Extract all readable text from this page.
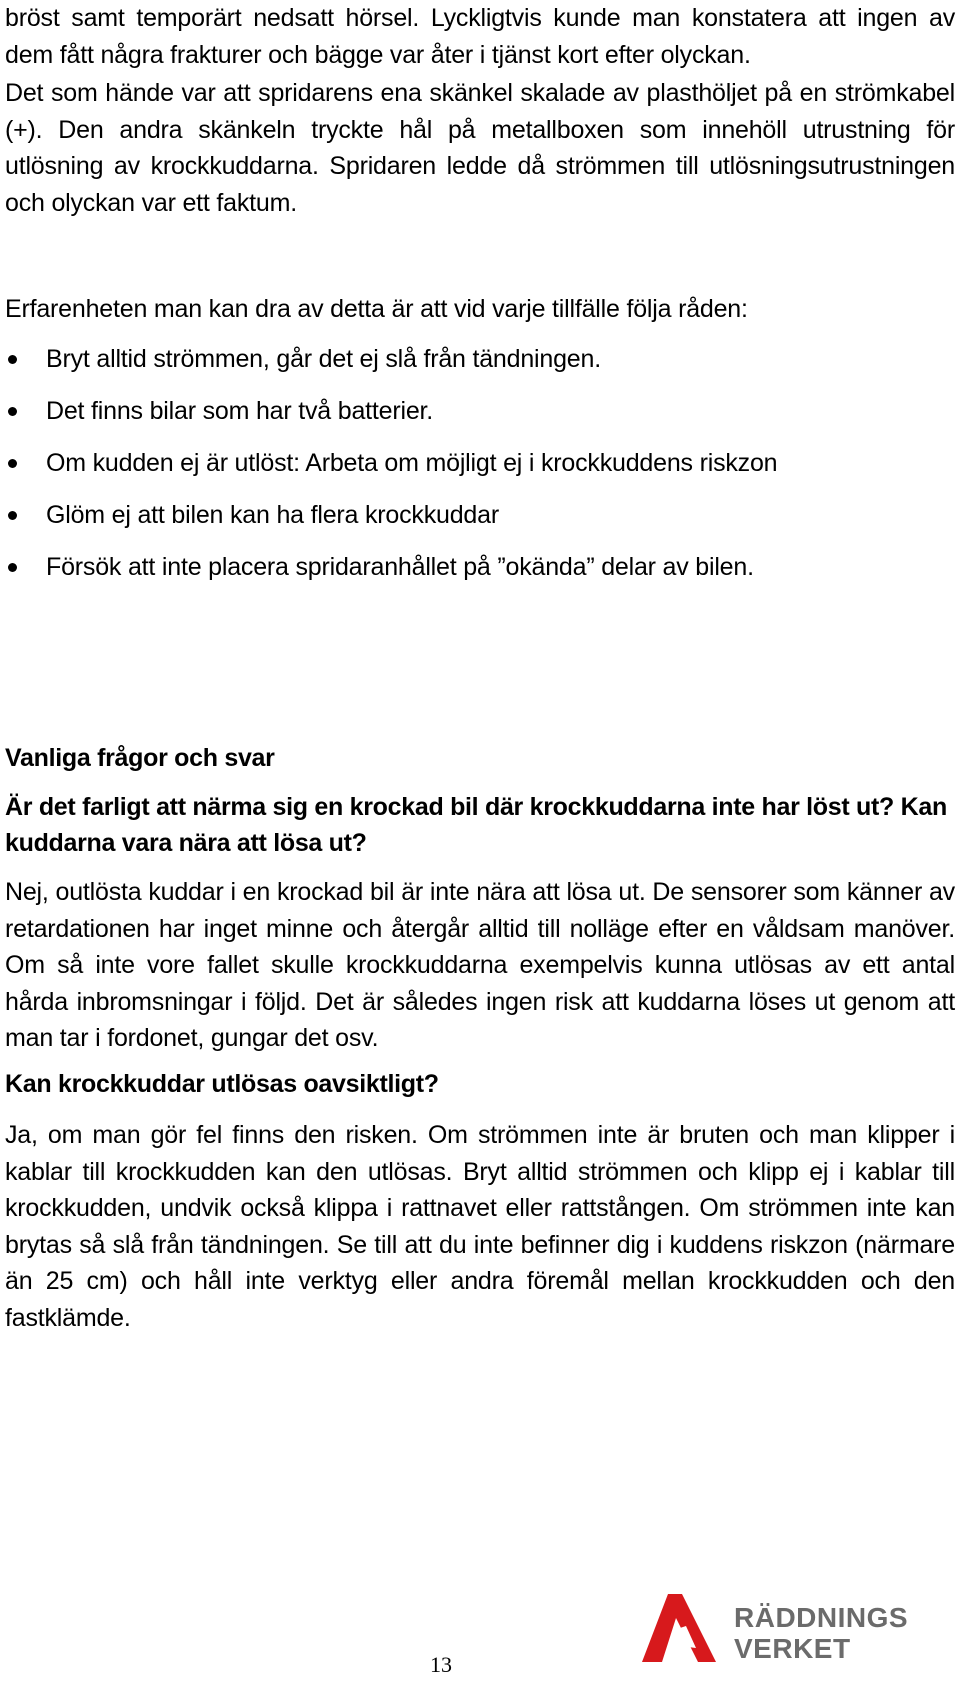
bröst samt temporärt nedsatt hörsel. Lyckligtvis kunde man konstatera att ingen av dem fått några frakturer och bägge var åter i tjänst kort efter olyckan.

Det som hände var att spridarens ena skänkel skalade av plasthöljet på en strömkabel (+). Den andra skänkeln tryckte hål på metallboxen som innehöll utrustning för utlösning av krockkuddarna. Spridaren ledde då strömmen till utlösningsutrustningen och olyckan var ett faktum.

Erfarenheten man kan dra av detta är att vid varje tillfälle följa råden:

Bryt alltid strömmen, går det ej slå från tändningen.
Det finns bilar som har två batterier.
Om kudden ej är utlöst: Arbeta om möjligt ej i krockkuddens riskzon
Glöm ej att bilen kan ha flera krockkuddar
Försök att inte placera spridaranhållet på ”okända” delar av bilen.
Vanliga frågor och svar
Är det farligt att närma sig en krockad bil där krockkuddarna inte har löst ut? Kan kuddarna vara nära att lösa ut?

Nej, outlösta kuddar i en krockad bil är inte nära att lösa ut. De sensorer som känner av retardationen har inget minne och återgår alltid till nolläge efter en våldsam manöver. Om så inte vore fallet skulle krockkuddarna exempelvis kunna utlösas av ett antal hårda inbromsningar i följd. Det är således ingen risk att kuddarna löses ut genom att man tar i fordonet, gungar det osv.

Kan krockkuddar utlösas oavsiktligt?

Ja, om man gör fel finns den risken. Om strömmen inte är bruten och man klipper i kablar till krockkudden kan den utlösas. Bryt alltid strömmen och klipp ej i kablar till krockkudden, undvik också klippa i rattnavet eller rattstången. Om strömmen inte kan brytas så slå från tändningen. Se till att du inte befinner dig i kuddens riskzon (närmare än 25 cm) och håll inte verktyg eller andra föremål mellan krockkudden och den fastklämde.

13
RÄDDNINGS
VERKET
